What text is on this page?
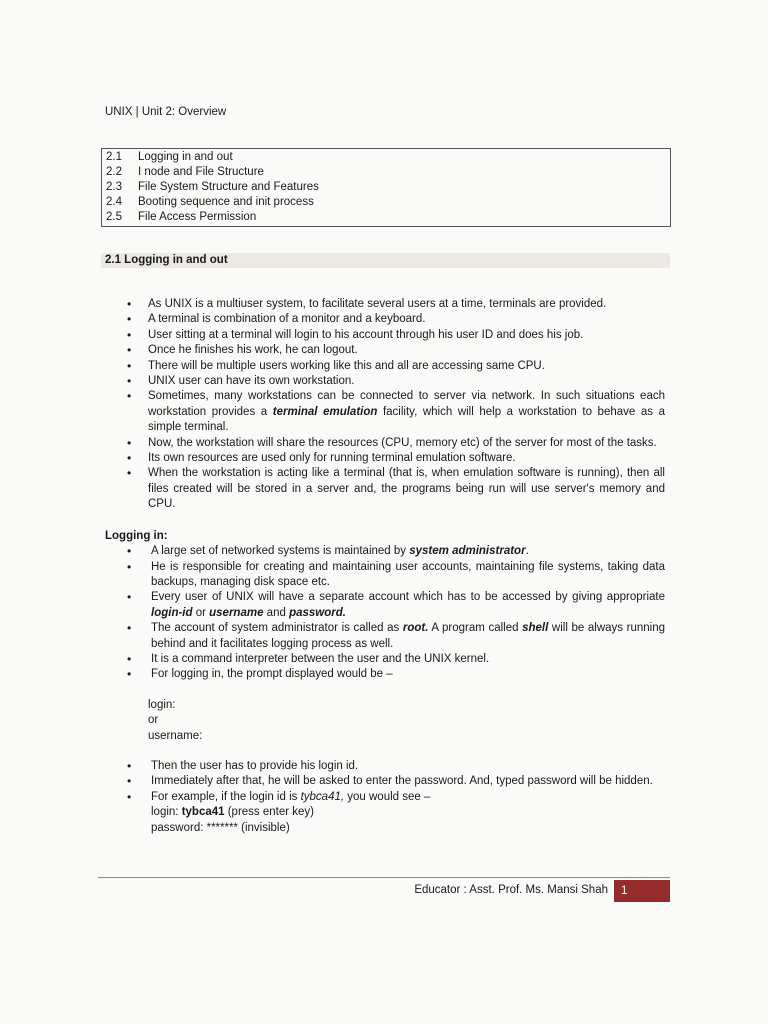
UNIX | Unit 2: Overview
2.1	Logging in and out
2.2	I node and File Structure
2.3	File System Structure and Features
2.4	Booting sequence and init process
2.5	File Access Permission
2.1 Logging in and out
• As UNIX is a multiuser system, to facilitate several users at a time, terminals are provided.
• A terminal is combination of a monitor and a keyboard.
• User sitting at a terminal will login to his account through his user ID and does his job.
• Once he finishes his work, he can logout.
• There will be multiple users working like this and all are accessing same CPU.
• UNIX user can have its own workstation.
• Sometimes, many workstations can be connected to server via network. In such situations each workstation provides a terminal emulation facility, which will help a workstation to behave as a simple terminal.
• Now, the workstation will share the resources (CPU, memory etc) of the server for most of the tasks.
• Its own resources are used only for running terminal emulation software.
• When the workstation is acting like a terminal (that is, when emulation software is running), then all files created will be stored in a server and, the programs being run will use server's memory and CPU.
Logging in:
• A large set of networked systems is maintained by system administrator.
• He is responsible for creating and maintaining user accounts, maintaining file systems, taking data backups, managing disk space etc.
• Every user of UNIX will have a separate account which has to be accessed by giving appropriate login-id or username and password.
• The account of system administrator is called as root. A program called shell will be always running behind and it facilitates logging process as well.
• It is a command interpreter between the user and the UNIX kernel.
• For logging in, the prompt displayed would be –
login:
or
username:
• Then the user has to provide his login id.
• Immediately after that, he will be asked to enter the password. And, typed password will be hidden.
• For example, if the login id is tybca41, you would see –
login: tybca41 (press enter key)
password: ******* (invisible)
Educator : Asst. Prof. Ms. Mansi Shah	1
